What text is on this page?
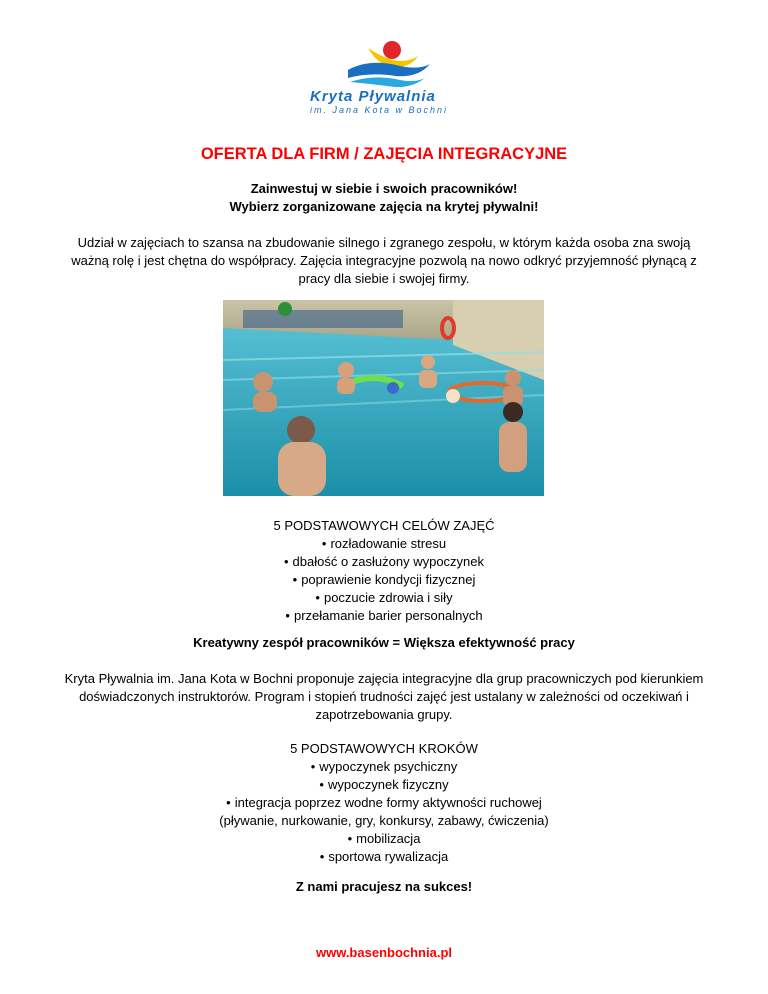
Kryta Pływalnia
im. Jana Kota w Bochni
OFERTA DLA FIRM / ZAJĘCIA INTEGRACYJNE
Zainwestuj w siebie i swoich pracowników!
Wybierz zorganizowane zajęcia na krytej pływalni!
Udział w zajęciach to szansa na zbudowanie silnego i zgranego zespołu, w którym każda osoba zna swoją ważną rolę i jest chętna do współpracy. Zajęcia integracyjne pozwolą na nowo odkryć przyjemność płynącą z pracy dla siebie i swojej firmy.
5 PODSTAWOWYCH CELÓW ZAJĘĆ
• rozładowanie stresu
• dbałość o zasłużony wypoczynek
• poprawienie kondycji fizycznej
• poczucie zdrowia i siły
• przełamanie barier personalnych
Kreatywny zespół pracowników = Większa efektywność pracy
Kryta Pływalnia im. Jana Kota w Bochni proponuje zajęcia integracyjne dla grup pracowniczych pod kierunkiem doświadczonych instruktorów. Program i stopień trudności zajęć jest ustalany w zależności od oczekiwań i zapotrzebowania grupy.
5 PODSTAWOWYCH KROKÓW
• wypoczynek psychiczny
• wypoczynek fizyczny
• integracja poprzez wodne formy aktywności ruchowej
(pływanie, nurkowanie, gry, konkursy, zabawy, ćwiczenia)
• mobilizacja
• sportowa rywalizacja
Z nami pracujesz na sukces!
www.basenbochnia.pl
